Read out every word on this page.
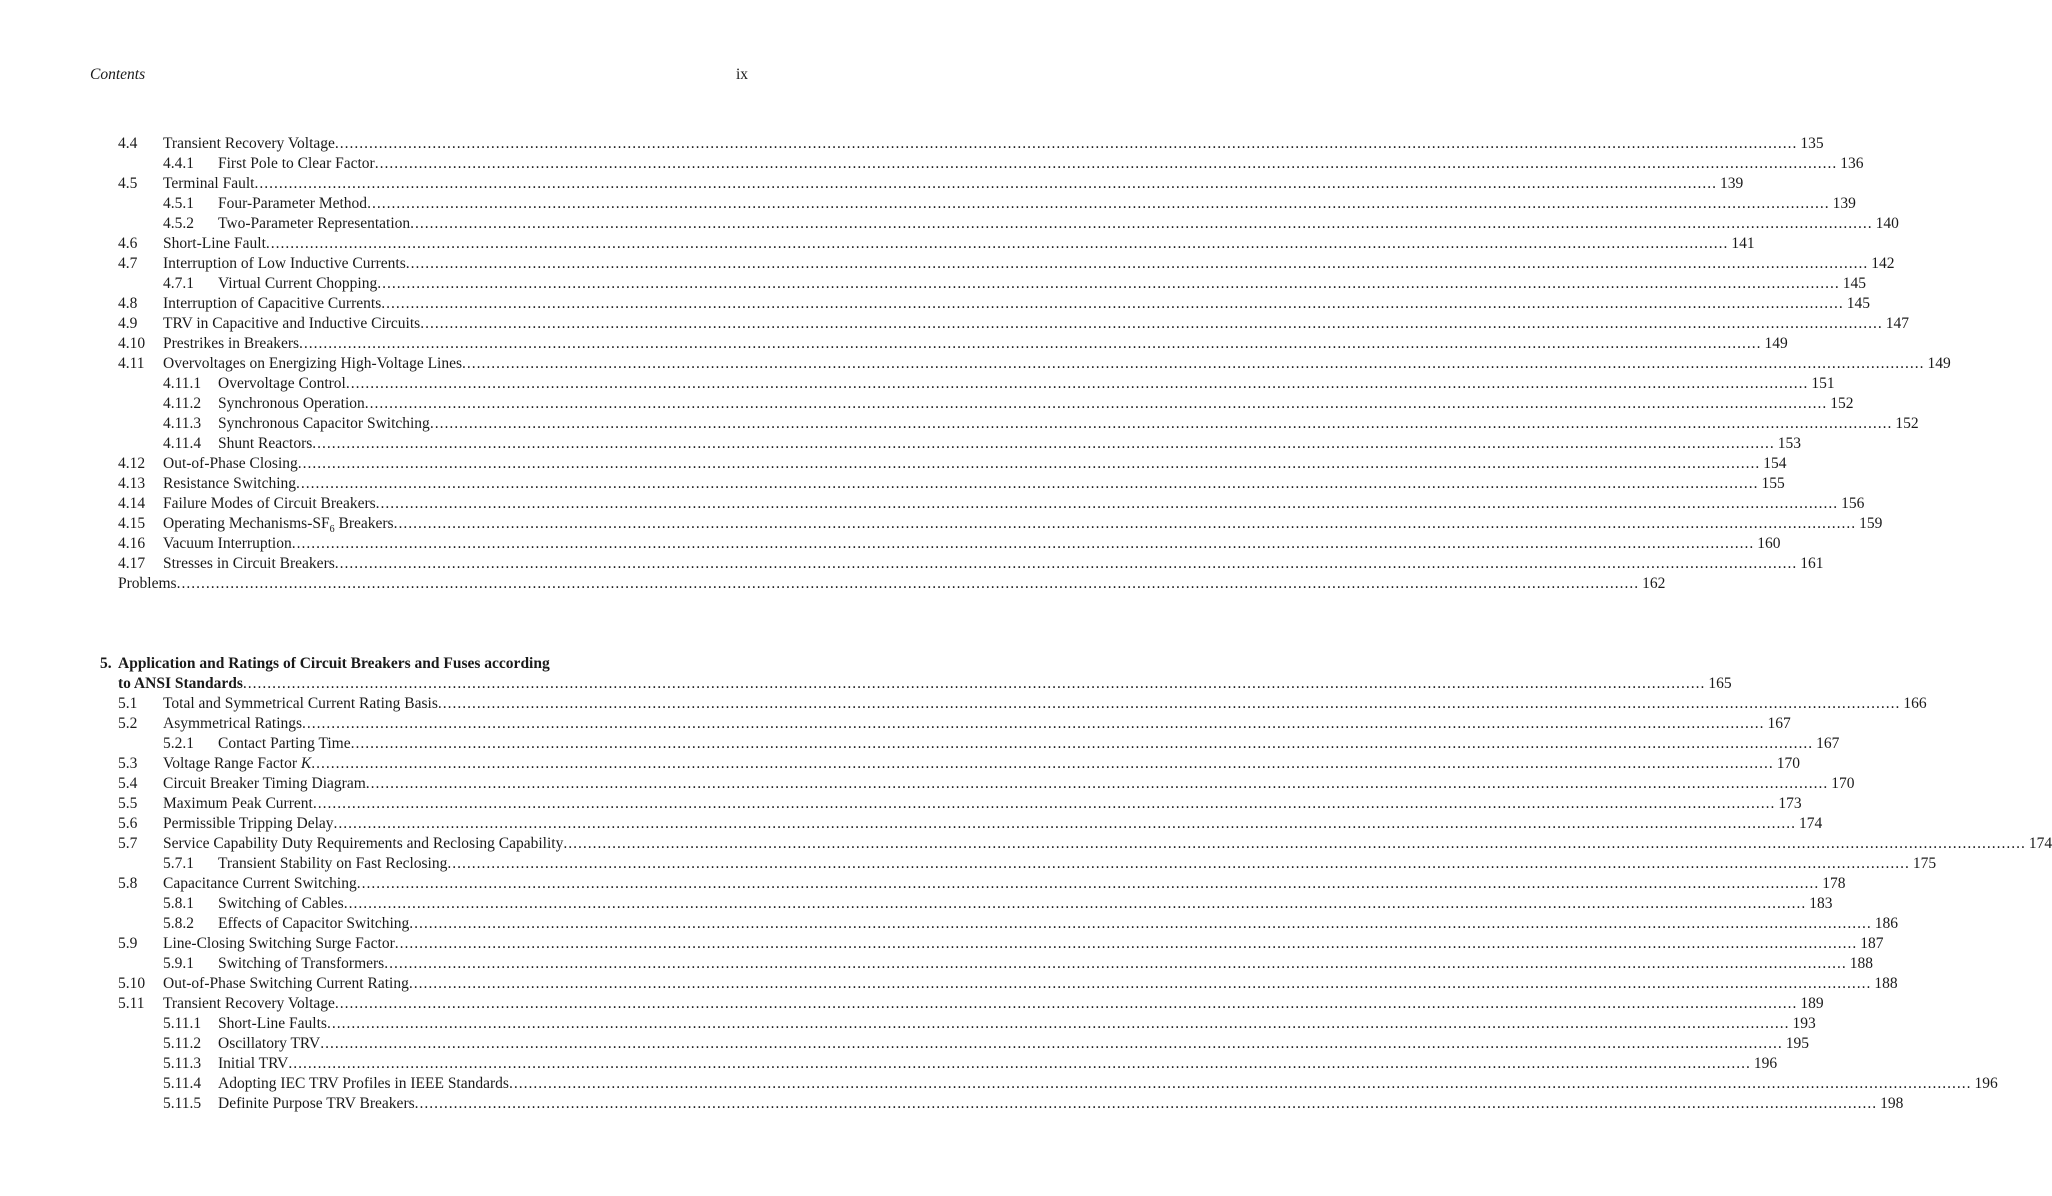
Contents	ix
4.4 Transient Recovery Voltage ............................................................................................................................................................................................................................................................................................................ 135
4.4.1 First Pole to Clear Factor ............................................................................................................................................................................................................................................................................................................ 136
4.5 Terminal Fault ............................................................................................................................................................................................................................................................................................................ 139
4.5.1 Four-Parameter Method ............................................................................................................................................................................................................................................................................................................ 139
4.5.2 Two-Parameter Representation ............................................................................................................................................................................................................................................................................................................ 140
4.6 Short-Line Fault ............................................................................................................................................................................................................................................................................................................ 141
4.7 Interruption of Low Inductive Currents ............................................................................................................................................................................................................................................................................................................ 142
4.7.1 Virtual Current Chopping ............................................................................................................................................................................................................................................................................................................ 145
4.8 Interruption of Capacitive Currents ............................................................................................................................................................................................................................................................................................................ 145
4.9 TRV in Capacitive and Inductive Circuits ............................................................................................................................................................................................................................................................................................................ 147
4.10 Prestrikes in Breakers ............................................................................................................................................................................................................................................................................................................ 149
4.11 Overvoltages on Energizing High-Voltage Lines ............................................................................................................................................................................................................................................................................................................ 149
4.11.1 Overvoltage Control ............................................................................................................................................................................................................................................................................................................ 151
4.11.2 Synchronous Operation ............................................................................................................................................................................................................................................................................................................ 152
4.11.3 Synchronous Capacitor Switching ............................................................................................................................................................................................................................................................................................................ 152
4.11.4 Shunt Reactors ............................................................................................................................................................................................................................................................................................................ 153
4.12 Out-of-Phase Closing ............................................................................................................................................................................................................................................................................................................ 154
4.13 Resistance Switching ............................................................................................................................................................................................................................................................................................................ 155
4.14 Failure Modes of Circuit Breakers ............................................................................................................................................................................................................................................................................................................ 156
4.15 Operating Mechanisms-$SF_6$ Breakers ............................................................................................................................................................................................................................................................................................................ 159
4.16 Vacuum Interruption ............................................................................................................................................................................................................................................................................................................ 160
4.17 Stresses in Circuit Breakers ............................................................................................................................................................................................................................................................................................................ 161
Problems ............................................................................................................................................................................................................................................................................................................ 162
5. Application and Ratings of Circuit Breakers and Fuses according
to ANSI Standards ............................................................................................................................................................................................................................................................................................................ 165
5.1 Total and Symmetrical Current Rating Basis ............................................................................................................................................................................................................................................................................................................ 166
5.2 Asymmetrical Ratings ............................................................................................................................................................................................................................................................................................................ 167
5.2.1 Contact Parting Time ............................................................................................................................................................................................................................................................................................................ 167
5.3 Voltage Range Factor K ............................................................................................................................................................................................................................................................................................................ 170
5.4 Circuit Breaker Timing Diagram ............................................................................................................................................................................................................................................................................................................ 170
5.5 Maximum Peak Current ............................................................................................................................................................................................................................................................................................................ 173
5.6 Permissible Tripping Delay ............................................................................................................................................................................................................................................................................................................ 174
5.7 Service Capability Duty Requirements and Reclosing Capability ............................................................................................................................................................................................................................................................................................................ 174
5.7.1 Transient Stability on Fast Reclosing ............................................................................................................................................................................................................................................................................................................ 175
5.8 Capacitance Current Switching ............................................................................................................................................................................................................................................................................................................ 178
5.8.1 Switching of Cables ............................................................................................................................................................................................................................................................................................................ 183
5.8.2 Effects of Capacitor Switching ............................................................................................................................................................................................................................................................................................................ 186
5.9 Line-Closing Switching Surge Factor ............................................................................................................................................................................................................................................................................................................ 187
5.9.1 Switching of Transformers ............................................................................................................................................................................................................................................................................................................ 188
5.10 Out-of-Phase Switching Current Rating ............................................................................................................................................................................................................................................................................................................ 188
5.11 Transient Recovery Voltage ............................................................................................................................................................................................................................................................................................................ 189
5.11.1 Short-Line Faults ............................................................................................................................................................................................................................................................................................................ 193
5.11.2 Oscillatory TRV ............................................................................................................................................................................................................................................................................................................ 195
5.11.3 Initial TRV ............................................................................................................................................................................................................................................................................................................ 196
5.11.4 Adopting IEC TRV Profiles in IEEE Standards ............................................................................................................................................................................................................................................................................................................ 196
5.11.5 Definite Purpose TRV Breakers ............................................................................................................................................................................................................................................................................................................ 198
